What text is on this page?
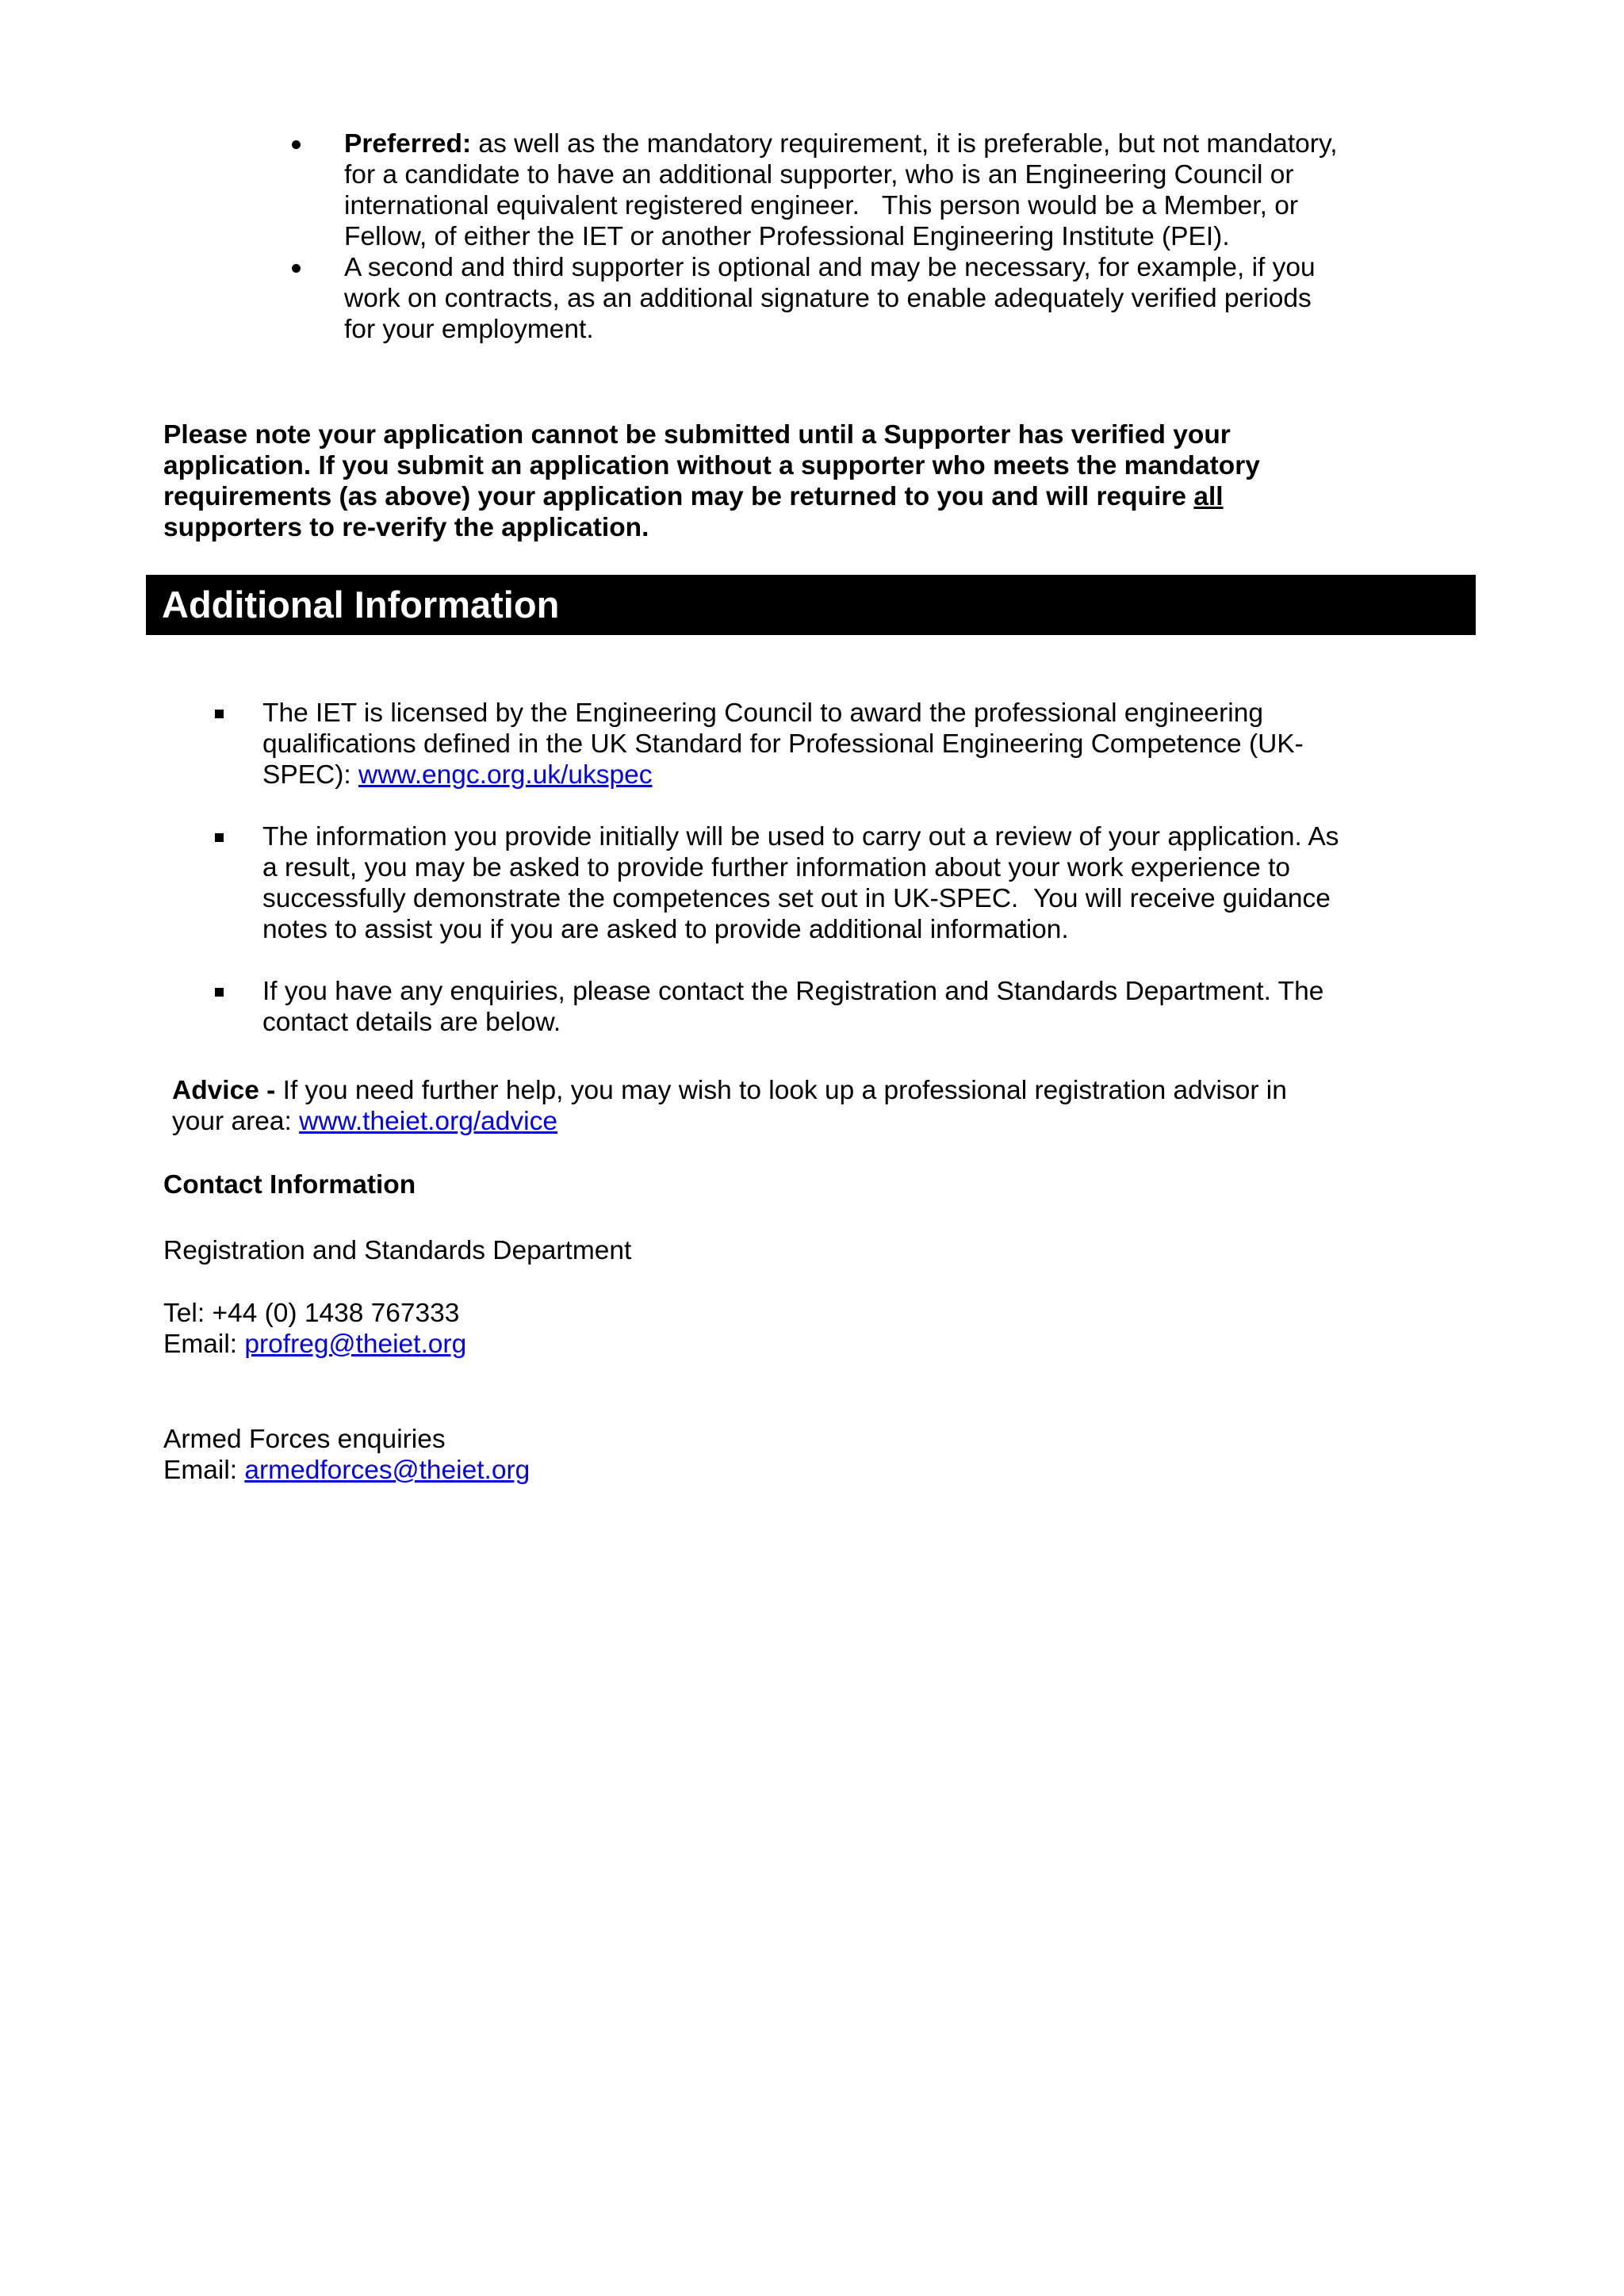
Preferred: as well as the mandatory requirement, it is preferable, but not mandatory,
for a candidate to have an additional supporter, who is an Engineering Council or
international equivalent registered engineer.   This person would be a Member, or
Fellow, of either the IET or another Professional Engineering Institute (PEI).
A second and third supporter is optional and may be necessary, for example, if you
work on contracts, as an additional signature to enable adequately verified periods
for your employment.
Please note your application cannot be submitted until a Supporter has verified your
application. If you submit an application without a supporter who meets the mandatory
requirements (as above) your application may be returned to you and will require all
supporters to re-verify the application.
Additional Information
The IET is licensed by the Engineering Council to award the professional engineering
qualifications defined in the UK Standard for Professional Engineering Competence (UK-
SPEC): www.engc.org.uk/ukspec
The information you provide initially will be used to carry out a review of your application. As
a result, you may be asked to provide further information about your work experience to
successfully demonstrate the competences set out in UK-SPEC.  You will receive guidance
notes to assist you if you are asked to provide additional information.
If you have any enquiries, please contact the Registration and Standards Department. The
contact details are below.
Advice - If you need further help, you may wish to look up a professional registration advisor in
your area: www.theiet.org/advice

Contact Information

Registration and Standards Department

Tel: +44 (0) 1438 767333

Email: profreg@theiet.org

Armed Forces enquiries

Email: armedforces@theiet.org
